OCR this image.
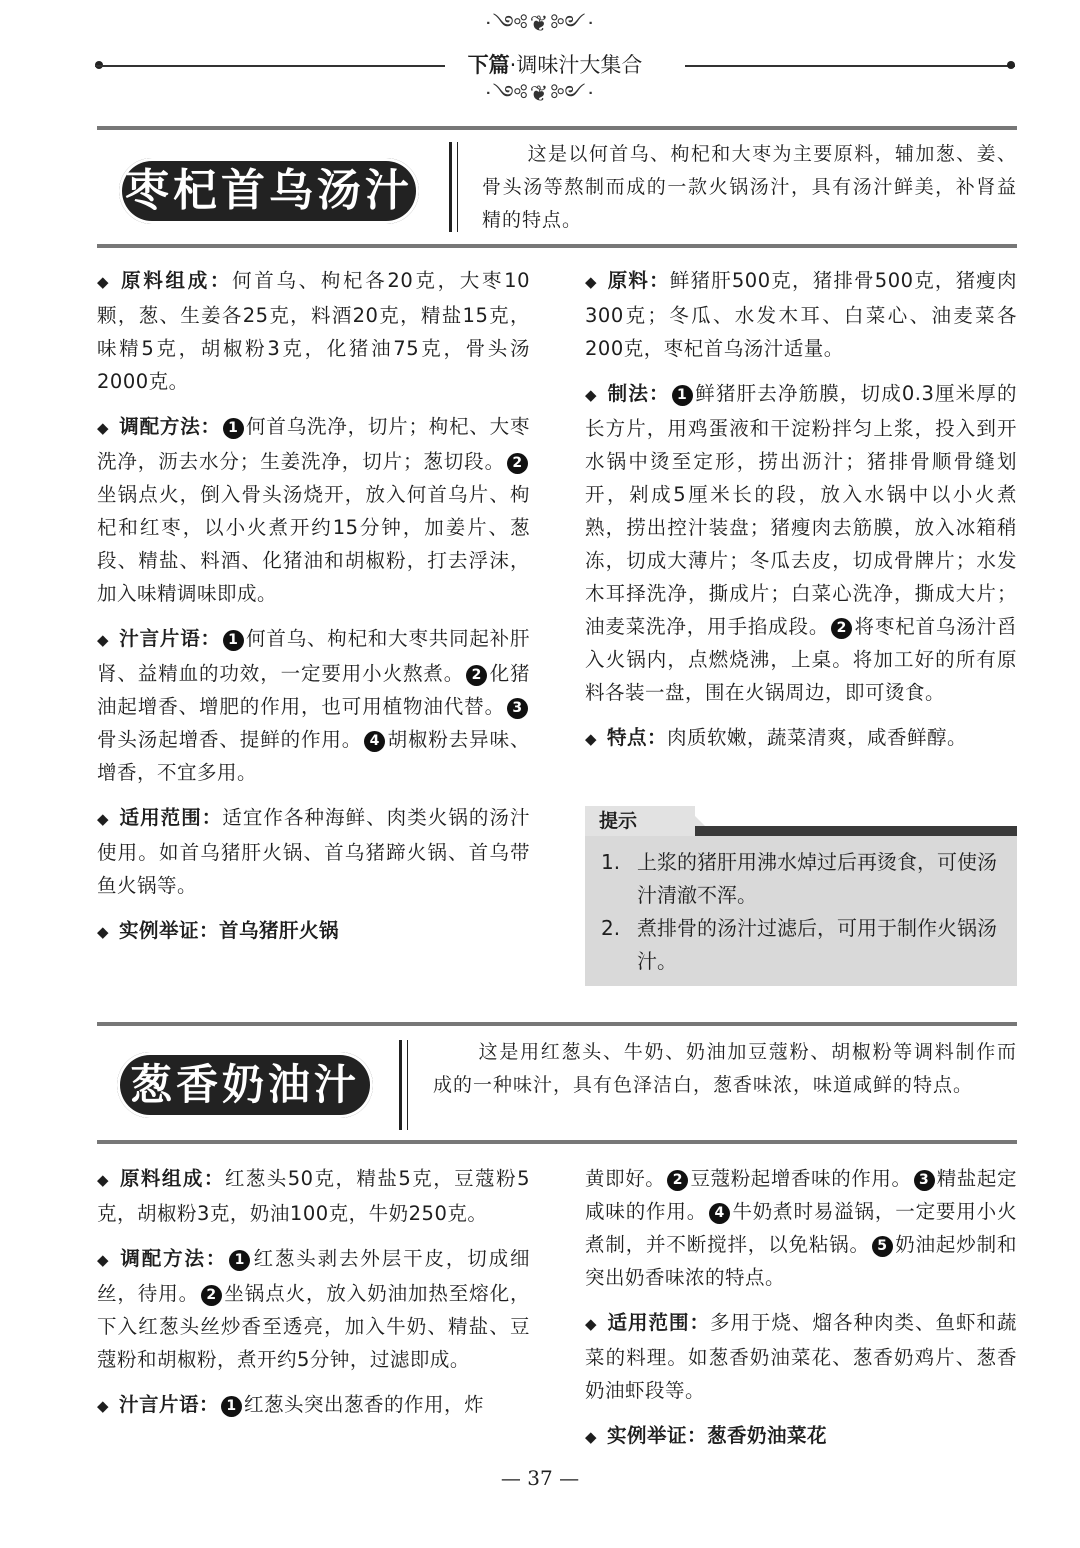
ᐧ༺❦༻ᐧ
下篇·调味汁大集合
ᐧ༺❦༻ᐧ
枣杞首乌汤汁
这是以何首乌、枸杞和大枣为主要原料，辅加葱、姜、骨头汤等熬制而成的一款火锅汤汁，具有汤汁鲜美，补肾益精的特点。

◆ 原料组成：何首乌、枸杞各20克，大枣10颗，葱、生姜各25克，料酒20克，精盐15克，味精5克，胡椒粉3克，化猪油75克，骨头汤2000克。

◆ 调配方法： 1 何首乌洗净，切片；枸杞、大枣洗净，沥去水分；生姜洗净，切片；葱切段。 2坐锅点火，倒入骨头汤烧开，放入何首乌片、枸杞和红枣，以小火煮开约15分钟，加姜片、葱段、精盐、料酒、化猪油和胡椒粉，打去浮沫，加入味精调味即成。

◆ 汁言片语： 1 何首乌、枸杞和大枣共同起补肝肾、益精血的功效，一定要用小火熬煮。 2 化猪油起增香、增肥的作用，也可用植物油代替。 3骨头汤起增香、提鲜的作用。 4 胡椒粉去异味、增香，不宜多用。

◆ 适用范围：适宜作各种海鲜、肉类火锅的汤汁使用。如首乌猪肝火锅、首乌猪蹄火锅、首乌带鱼火锅等。

◆ 实例举证：首乌猪肝火锅

◆ 原料：鲜猪肝500克，猪排骨500克，猪瘦肉300克；冬瓜、水发木耳、白菜心、油麦菜各200克，枣杞首乌汤汁适量。

◆ 制法： 1 鲜猪肝去净筋膜，切成0.3厘米厚的长方片，用鸡蛋液和干淀粉拌匀上浆，投入到开水锅中烫至定形，捞出沥汁；猪排骨顺骨缝划开，剁成5厘米长的段，放入水锅中以小火煮熟，捞出控汁装盘；猪瘦肉去筋膜，放入冰箱稍冻，切成大薄片；冬瓜去皮，切成骨牌片；水发木耳择洗净，撕成片；白菜心洗净，撕成大片；油麦菜洗净，用手掐成段。 2 将枣杞首乌汤汁舀入火锅内，点燃烧沸，上桌。将加工好的所有原料各装一盘，围在火锅周边，即可烫食。

◆ 特点：肉质软嫩，蔬菜清爽，咸香鲜醇。

提示
1. 上浆的猪肝用沸水焯过后再烫食，可使汤汁清澈不浑。
2. 煮排骨的汤汁过滤后，可用于制作火锅汤汁。
葱香奶油汁
这是用红葱头、牛奶、奶油加豆蔻粉、胡椒粉等调料制作而成的一种味汁，具有色泽洁白，葱香味浓，味道咸鲜的特点。

◆ 原料组成：红葱头50克，精盐5克，豆蔻粉5克，胡椒粉3克，奶油100克，牛奶250克。

◆ 调配方法： 1 红葱头剥去外层干皮，切成细丝，待用。 2 坐锅点火，放入奶油加热至熔化，下入红葱头丝炒香至透亮，加入牛奶、精盐、豆蔻粉和胡椒粉，煮开约5分钟，过滤即成。

◆ 汁言片语： 1 红葱头突出葱香的作用，炸

黄即好。 2 豆蔻粉起增香味的作用。 3 精盐起定咸味的作用。 4 牛奶煮时易溢锅，一定要用小火煮制，并不断搅拌，以免粘锅。 5 奶油起炒制和突出奶香味浓的特点。

◆ 适用范围：多用于烧、熘各种肉类、鱼虾和蔬菜的料理。如葱香奶油菜花、葱香奶鸡片、葱香奶油虾段等。

◆ 实例举证：葱香奶油菜花

— 37 —
